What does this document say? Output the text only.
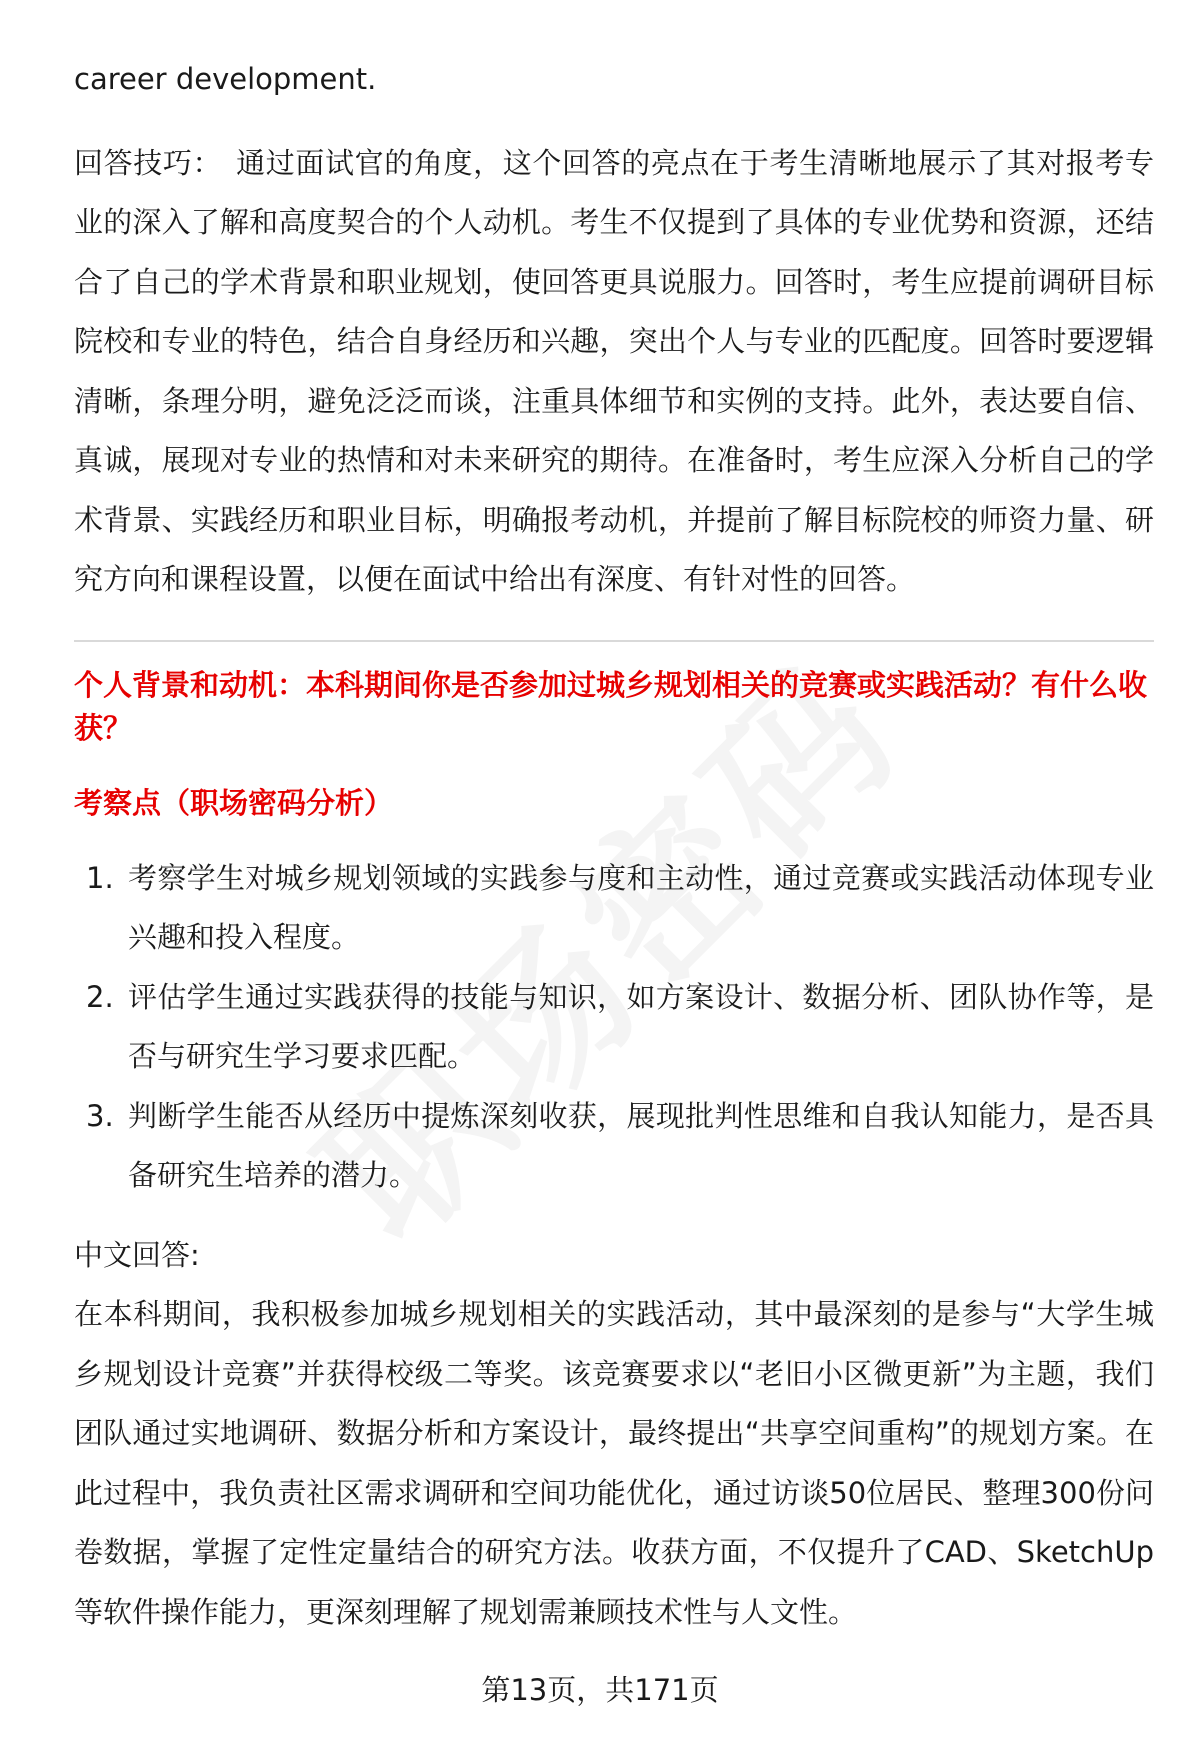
career development.

回答技巧： 通过面试官的角度，这个回答的亮点在于考生清晰地展示了其对报考专业的深入了解和高度契合的个人动机。考生不仅提到了具体的专业优势和资源，还结合了自己的学术背景和职业规划，使回答更具说服力。回答时，考生应提前调研目标院校和专业的特色，结合自身经历和兴趣，突出个人与专业的匹配度。回答时要逻辑清晰，条理分明，避免泛泛而谈，注重具体细节和实例的支持。此外，表达要自信、真诚，展现对专业的热情和对未来研究的期待。在准备时，考生应深入分析自己的学术背景、实践经历和职业目标，明确报考动机，并提前了解目标院校的师资力量、研究方向和课程设置，以便在面试中给出有深度、有针对性的回答。

个人背景和动机：本科期间你是否参加过城乡规划相关的竞赛或实践活动？有什么收获？

考察点（职场密码分析）

1. 考察学生对城乡规划领域的实践参与度和主动性，通过竞赛或实践活动体现专业兴趣和投入程度。
2. 评估学生通过实践获得的技能与知识，如方案设计、数据分析、团队协作等，是否与研究生学习要求匹配。
3. 判断学生能否从经历中提炼深刻收获，展现批判性思维和自我认知能力，是否具备研究生培养的潜力。

中文回答:

在本科期间，我积极参加城乡规划相关的实践活动，其中最深刻的是参与“大学生城乡规划设计竞赛”并获得校级二等奖。该竞赛要求以“老旧小区微更新”为主题，我们团队通过实地调研、数据分析和方案设计，最终提出“共享空间重构”的规划方案。在此过程中，我负责社区需求调研和空间功能优化，通过访谈50位居民、整理300份问卷数据，掌握了定性定量结合的研究方法。收获方面，不仅提升了CAD、SketchUp等软件操作能力，更深刻理解了规划需兼顾技术性与人文性。

第13页，共171页
